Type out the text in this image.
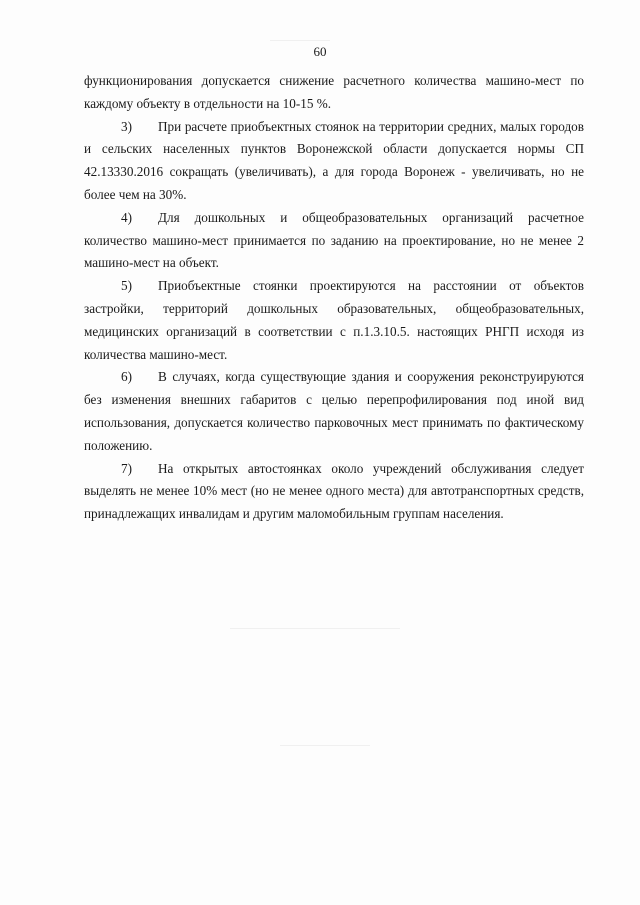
60

функционирования допускается снижение расчетного количества машино-мест по каждому объекту в отдельности на 10-15 %.

3) При расчете приобъектных стоянок на территории средних, малых городов и сельских населенных пунктов Воронежской области допускается нормы СП 42.13330.2016 сокращать (увеличивать), а для города Воронеж - увеличивать, но не более чем на 30%.

4) Для дошкольных и общеобразовательных организаций расчетное количество машино-мест принимается по заданию на проектирование, но не менее 2 машино-мест на объект.

5) Приобъектные стоянки проектируются на расстоянии от объектов застройки, территорий дошкольных образовательных, общеобразовательных, медицинских организаций в соответствии с п.1.3.10.5. настоящих РНГП исходя из количества машино-мест.

6) В случаях, когда существующие здания и сооружения реконструируются без изменения внешних габаритов с целью перепрофилирования под иной вид использования, допускается количество парковочных мест принимать по фактическому положению.

7) На открытых автостоянках около учреждений обслуживания следует выделять не менее 10% мест (но не менее одного места) для автотранспортных средств, принадлежащих инвалидам и другим маломобильным группам населения.
